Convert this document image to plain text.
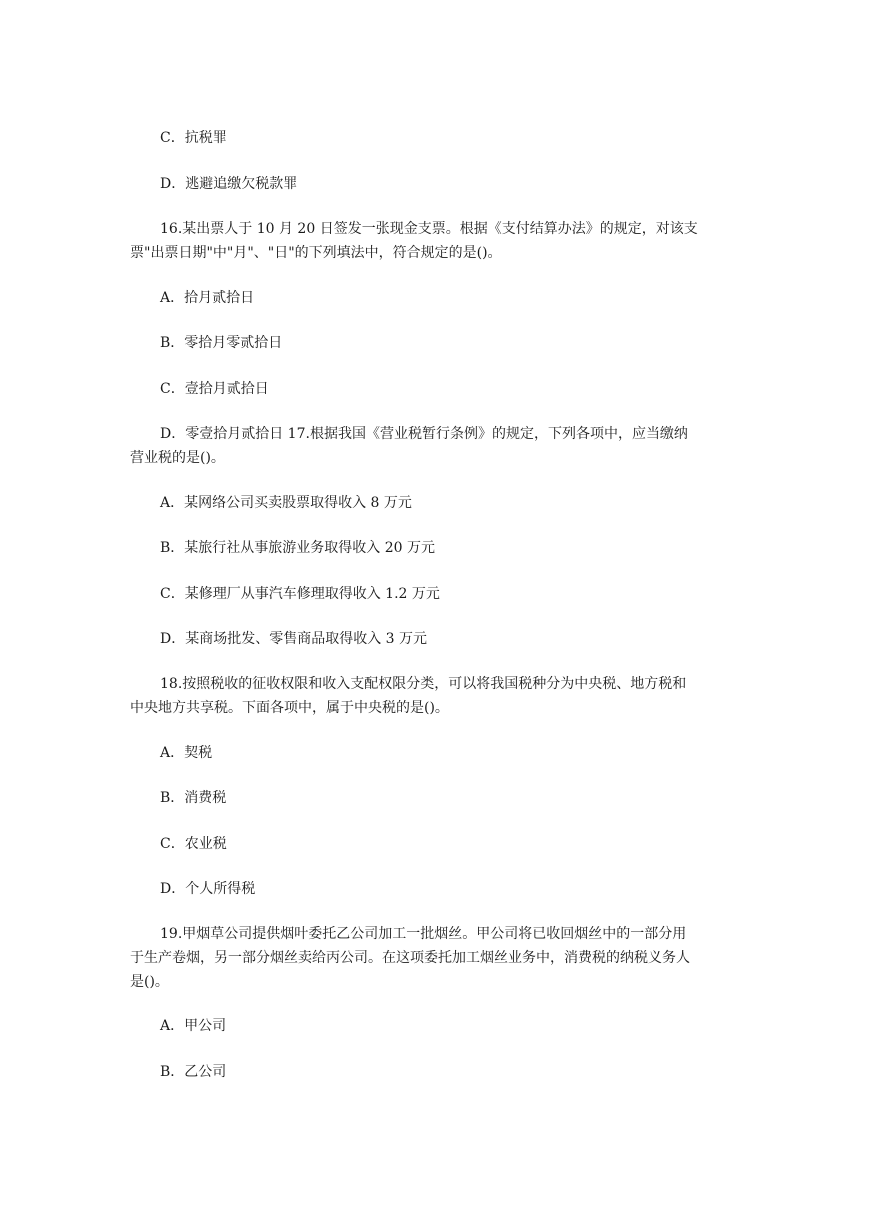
C．抗税罪

D．逃避追缴欠税款罪

16.某出票人于 10 月 20 日签发一张现金支票。根据《支付结算办法》的规定，对该支

票"出票日期"中"月"、"日"的下列填法中，符合规定的是()。

A．拾月贰拾日

B．零拾月零贰拾日

C．壹拾月贰拾日

D．零壹拾月贰拾日 17.根据我国《营业税暂行条例》的规定，下列各项中，应当缴纳

营业税的是()。

A．某网络公司买卖股票取得收入 8 万元

B．某旅行社从事旅游业务取得收入 20 万元

C．某修理厂从事汽车修理取得收入 1.2 万元

D．某商场批发、零售商品取得收入 3 万元

18.按照税收的征收权限和收入支配权限分类，可以将我国税种分为中央税、地方税和

中央地方共享税。下面各项中，属于中央税的是()。

A．契税

B．消费税

C．农业税

D．个人所得税

19.甲烟草公司提供烟叶委托乙公司加工一批烟丝。甲公司将已收回烟丝中的一部分用

于生产卷烟，另一部分烟丝卖给丙公司。在这项委托加工烟丝业务中，消费税的纳税义务人

是()。

A．甲公司

B．乙公司
